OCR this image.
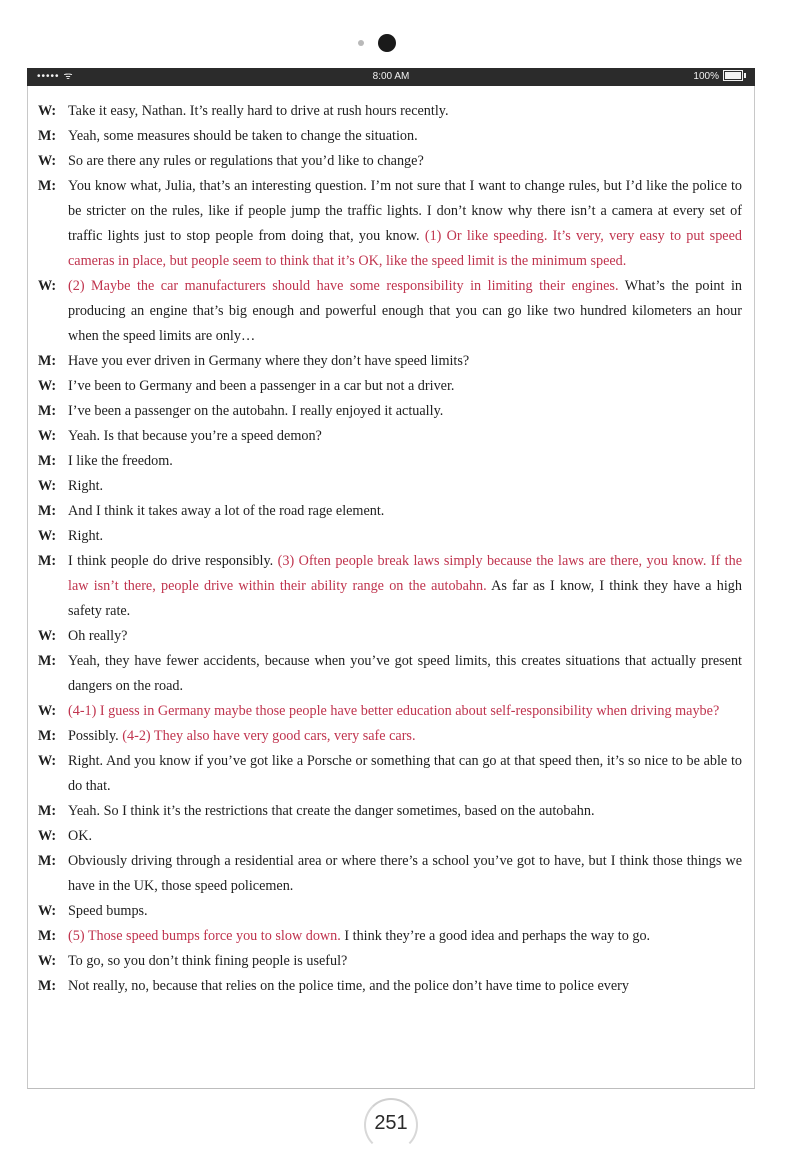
••••• ᯤ	8:00 AM	100%
W: Take it easy, Nathan. It’s really hard to drive at rush hours recently.
M: Yeah, some measures should be taken to change the situation.
W: So are there any rules or regulations that you’d like to change?
M: You know what, Julia, that’s an interesting question. I’m not sure that I want to change rules, but I’d like the police to be stricter on the rules, like if people jump the traffic lights. I don’t know why there isn’t a camera at every set of traffic lights just to stop people from doing that, you know. (1) Or like speeding. It’s very, very easy to put speed cameras in place, but people seem to think that it’s OK, like the speed limit is the minimum speed.
W: (2) Maybe the car manufacturers should have some responsibility in limiting their engines. What’s the point in producing an engine that’s big enough and powerful enough that you can go like two hundred kilometers an hour when the speed limits are only…
M: Have you ever driven in Germany where they don’t have speed limits?
W: I’ve been to Germany and been a passenger in a car but not a driver.
M: I’ve been a passenger on the autobahn. I really enjoyed it actually.
W: Yeah. Is that because you’re a speed demon?
M: I like the freedom.
W: Right.
M: And I think it takes away a lot of the road rage element.
W: Right.
M: I think people do drive responsibly. (3) Often people break laws simply because the laws are there, you know. If the law isn’t there, people drive within their ability range on the autobahn. As far as I know, I think they have a high safety rate.
W: Oh really?
M: Yeah, they have fewer accidents, because when you’ve got speed limits, this creates situations that actually present dangers on the road.
W: (4-1) I guess in Germany maybe those people have better education about self-responsibility when driving maybe?
M: Possibly. (4-2) They also have very good cars, very safe cars.
W: Right. And you know if you’ve got like a Porsche or something that can go at that speed then, it’s so nice to be able to do that.
M: Yeah. So I think it’s the restrictions that create the danger sometimes, based on the autobahn.
W: OK.
M: Obviously driving through a residential area or where there’s a school you’ve got to have, but I think those things we have in the UK, those speed policemen.
W: Speed bumps.
M: (5) Those speed bumps force you to slow down. I think they’re a good idea and perhaps the way to go.
W: To go, so you don’t think fining people is useful?
M: Not really, no, because that relies on the police time, and the police don’t have time to police every
251
